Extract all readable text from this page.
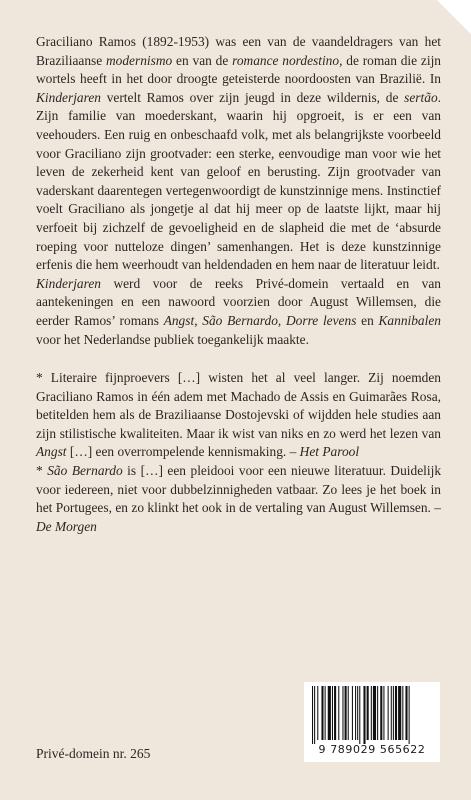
Graciliano Ramos (1892-1953) was een van de vaandeldragers van het Braziliaanse modernismo en van de romance nordestino, de roman die zijn wortels heeft in het door droogte geteisterde noordoosten van Brazilië. In Kinderjaren vertelt Ramos over zijn jeugd in deze wildernis, de sertão. Zijn familie van moederskant, waarin hij opgroeit, is er een van veehouders. Een ruig en onbeschaafd volk, met als belangrijkste voorbeeld voor Graciliano zijn grootvader: een sterke, eenvoudige man voor wie het leven de zekerheid kent van geloof en berusting. Zijn grootvader van vaderskant daarentegen vertegenwoordigt de kunstzinnige mens. Instinctief voelt Graciliano als jongetje al dat hij meer op de laatste lijkt, maar hij verfoeit bij zichzelf de gevoeligheid en de slapheid die met de ‘absurde roeping voor nutteloze dingen’ samenhangen. Het is deze kunstzinnige erfenis die hem weerhoudt van heldendaden en hem naar de literatuur leidt.

Kinderjaren werd voor de reeks Privé-domein vertaald en van aantekeningen en een nawoord voorzien door August Willemsen, die eerder Ramos’ romans Angst, São Bernardo, Dorre levens en Kannibalen voor het Nederlandse publiek toegankelijk maakte.

* Literaire fijnproevers […] wisten het al veel langer. Zij noemden Graciliano Ramos in één adem met Machado de Assis en Guimarães Rosa, betitelden hem als de Braziliaanse Dostojevski of wijdden hele studies aan zijn stilistische kwaliteiten. Maar ik wist van niks en zo werd het lezen van Angst […] een overrompelende kennismaking. – Het Parool

* São Bernardo is […] een pleidooi voor een nieuwe literatuur. Duidelijk voor iedereen, niet voor dubbelzinnigheden vatbaar. Zo lees je het boek in het Portugees, en zo klinkt het ook in de vertaling van August Willemsen. – De Morgen

Privé-domein nr. 265	9 789029 565622
